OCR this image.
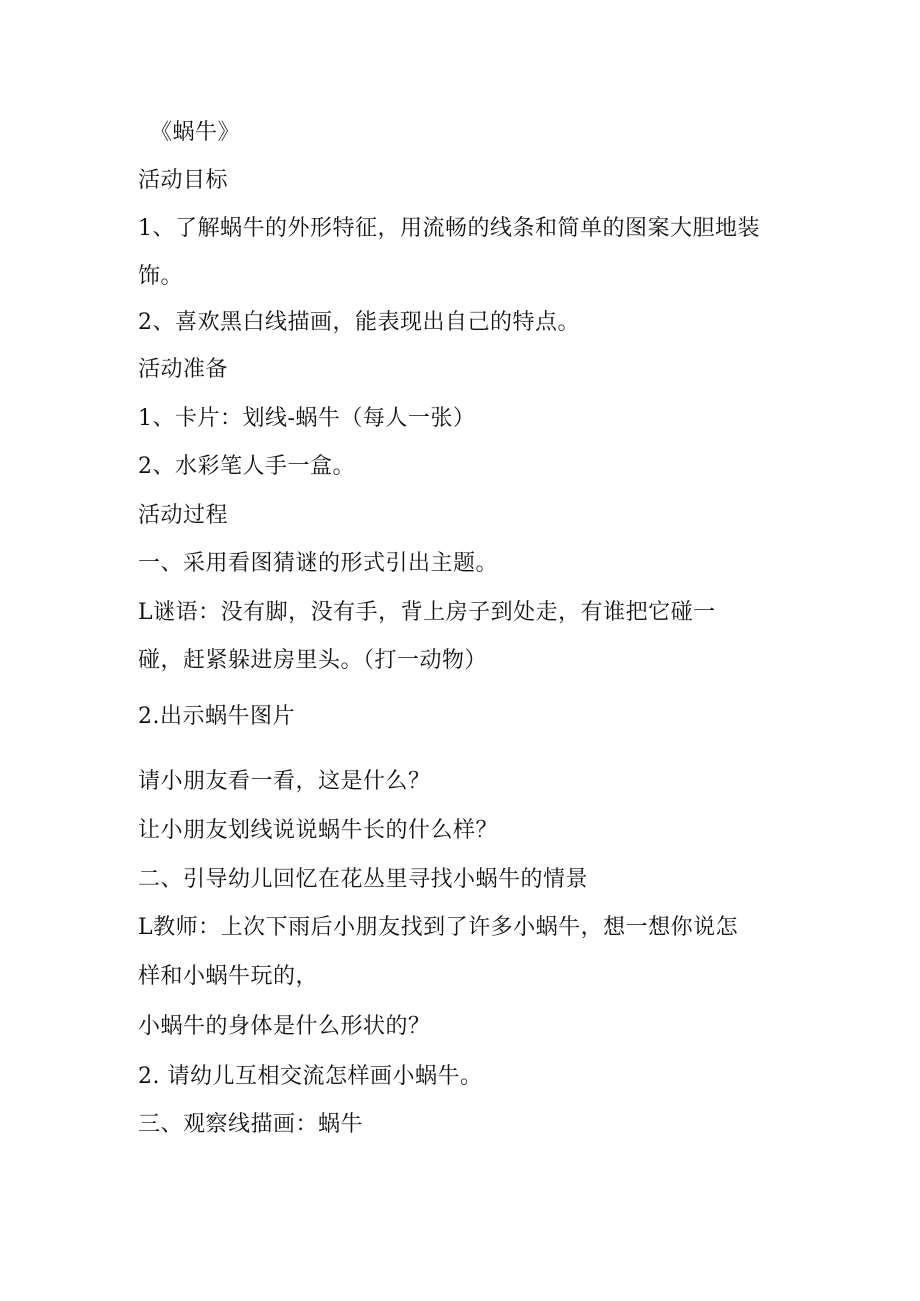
《蜗牛》
活动目标
1、了解蜗牛的外形特征，用流畅的线条和简单的图案大胆地装
饰。
2、喜欢黑白线描画，能表现出自己的特点。
活动准备
1、卡片：划线-蜗牛（每人一张）
2、水彩笔人手一盒。
活动过程
一、采用看图猜谜的形式引出主题。
L谜语：没有脚，没有手，背上房子到处走，有谁把它碰一
碰，赶紧躲进房里头。（打一动物）
2.出示蜗牛图片
请小朋友看一看，这是什么？
让小朋友划线说说蜗牛长的什么样？
二、引导幼儿回忆在花丛里寻找小蜗牛的情景
L教师：上次下雨后小朋友找到了许多小蜗牛，想一想你说怎
样和小蜗牛玩的，
小蜗牛的身体是什么形状的？
2. 请幼儿互相交流怎样画小蜗牛。
三、观察线描画：蜗牛
